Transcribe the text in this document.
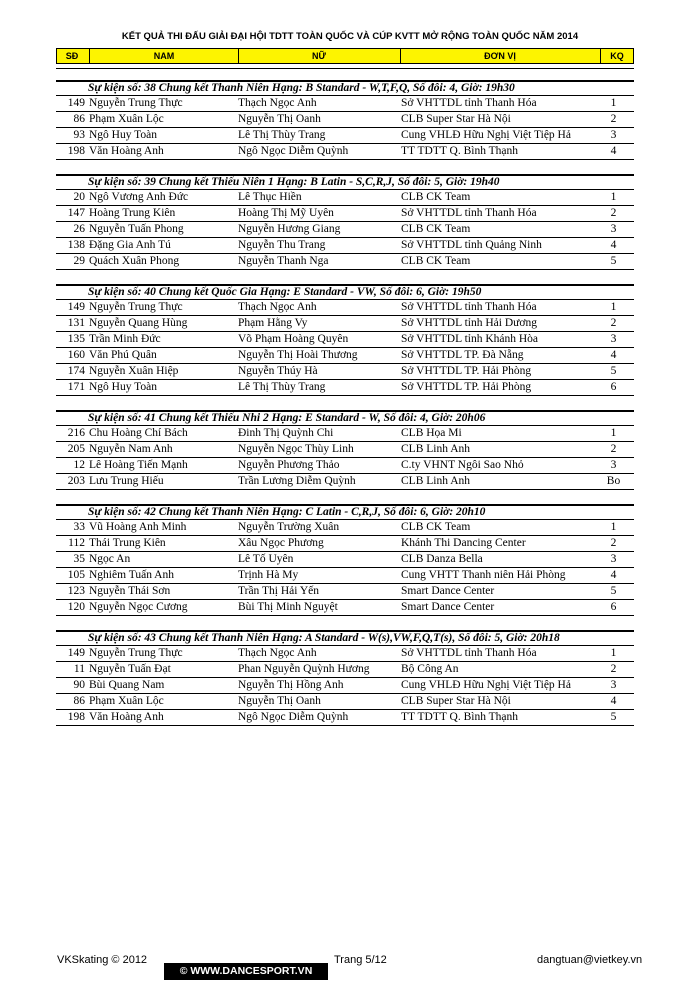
KẾT QUẢ THI ĐẤU GIẢI ĐẠI HỘI TDTT TOÀN QUỐC VÀ CÚP KVTT MỞ RỘNG TOÀN QUỐC NĂM 2014
SĐ	NAM	NỮ	ĐƠN VỊ	KQ
Sự kiện số: 38 Chung kết Thanh Niên Hạng: B Standard - W,T,F,Q, Số đôi: 4, Giờ: 19h30
149 Nguyễn Trung Thực	Thạch Ngọc Anh	Sở VHTTDL tỉnh Thanh Hóa	1
86 Phạm Xuân Lộc	Nguyễn Thị Oanh	CLB Super Star Hà Nội	2
93 Ngô Huy Toàn	Lê Thị Thùy Trang	Cung VHLĐ Hữu Nghị Việt Tiệp Hả	3
198 Văn Hoàng Anh	Ngô Ngọc Diễm Quỳnh	TT TDTT Q. Bình Thạnh	4
Sự kiện số: 39 Chung kết Thiếu Niên 1 Hạng: B Latin - S,C,R,J, Số đôi: 5, Giờ: 19h40
20 Ngô Vương Anh Đức	Lê Thục Hiền	CLB CK Team	1
147 Hoàng Trung Kiên	Hoàng Thị Mỹ Uyên	Sở VHTTDL tỉnh Thanh Hóa	2
26 Nguyễn Tuấn Phong	Nguyễn Hương Giang	CLB CK Team	3
138 Đặng Gia Anh Tú	Nguyễn Thu Trang	Sở VHTTDL tỉnh Quảng Ninh	4
29 Quách Xuân Phong	Nguyễn Thanh Nga	CLB CK Team	5
Sự kiện số: 40 Chung kết Quốc Gia Hạng: E Standard - VW, Số đôi: 6, Giờ: 19h50
149 Nguyễn Trung Thực	Thạch Ngọc Anh	Sở VHTTDL tỉnh Thanh Hóa	1
131 Nguyễn Quang Hùng	Phạm Hằng Vy	Sở VHTTDL tỉnh Hải Dương	2
135 Trần Minh Đức	Võ Phạm Hoàng Quyên	Sở VHTTDL tỉnh Khánh Hòa	3
160 Văn Phú Quân	Nguyễn Thị Hoài Thương	Sở VHTTDL TP. Đà Nẵng	4
174 Nguyễn Xuân Hiệp	Nguyễn Thúy Hà	Sở VHTTDL TP. Hải Phòng	5
171 Ngô Huy Toàn	Lê Thị Thùy Trang	Sở VHTTDL TP. Hải Phòng	6
Sự kiện số: 41 Chung kết Thiếu Nhi 2 Hạng: E Standard - W, Số đôi: 4, Giờ: 20h06
216 Chu Hoàng Chí Bách	Đinh Thị Quỳnh Chi	CLB Họa Mi	1
205 Nguyễn Nam Anh	Nguyễn Ngọc Thùy Linh	CLB Linh Anh	2
12 Lê Hoàng Tiến Mạnh	Nguyễn Phương Thảo	C.ty VHNT Ngôi Sao Nhỏ	3
203 Lưu Trung Hiếu	Trần Lương Diễm Quỳnh	CLB Linh Anh	Bo
Sự kiện số: 42 Chung kết Thanh Niên Hạng: C Latin - C,R,J, Số đôi: 6, Giờ: 20h10
33 Vũ Hoàng Anh Minh	Nguyễn Trường Xuân	CLB CK Team	1
112 Thái Trung Kiên	Xâu Ngọc Phương	Khánh Thi Dancing Center	2
35 Ngọc An	Lê Tố Uyên	CLB Danza Bella	3
105 Nghiêm Tuấn Anh	Trịnh Hà My	Cung VHTT Thanh niên Hải Phòng	4
123 Nguyễn Thái Sơn	Trần Thị Hải Yến	Smart Dance Center	5
120 Nguyễn Ngọc Cương	Bùi Thị Minh Nguyệt	Smart Dance Center	6
Sự kiện số: 43 Chung kết Thanh Niên Hạng: A Standard - W(s),VW,F,Q,T(s), Số đôi: 5, Giờ: 20h18
149 Nguyễn Trung Thực	Thạch Ngọc Anh	Sở VHTTDL tỉnh Thanh Hóa	1
11 Nguyễn Tuấn Đạt	Phan Nguyễn Quỳnh Hương	Bộ Công An	2
90 Bùi Quang Nam	Nguyễn Thị Hồng Anh	Cung VHLĐ Hữu Nghị Việt Tiệp Hả	3
86 Phạm Xuân Lộc	Nguyễn Thị Oanh	CLB Super Star Hà Nội	4
198 Văn Hoàng Anh	Ngô Ngọc Diễm Quỳnh	TT TDTT Q. Bình Thạnh	5
VKSkating © 2012	Trang 5/12	dangtuan@vietkey.vn
© WWW.DANCESPORT.VN
